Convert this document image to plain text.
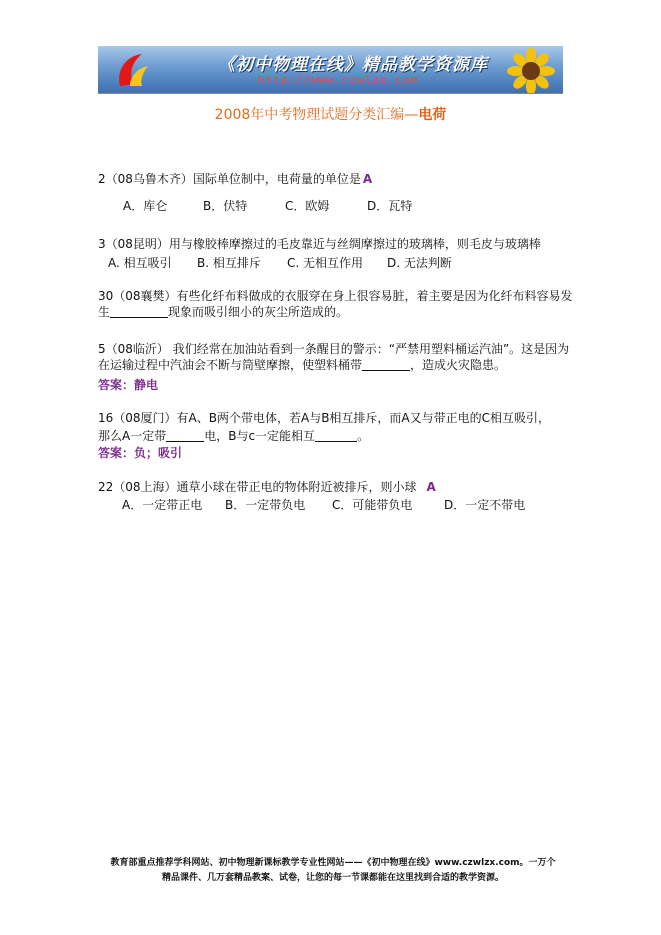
《初中物理在线》精品教学资源库
http://www.czwlzx.com
2008年中考物理试题分类汇编—电荷
2（08乌鲁木齐）国际单位制中，电荷量的单位是 A
A．库仑	B．伏特	C．欧姆	D．瓦特
3（08昆明）用与橡胶棒摩擦过的毛皮靠近与丝绸摩擦过的玻璃棒，则毛皮与玻璃棒
A. 相互吸引 B. 相互排斥 C. 无相互作用 D. 无法判断
30（08襄樊）有些化纤布料做成的衣服穿在身上很容易脏，着主要是因为化纤布料容易发
生	现象而吸引细小的灰尘所造成的。
5（08临沂） 我们经常在加油站看到一条醒目的警示：“严禁用塑料桶运汽油”。这是因为
在运输过程中汽油会不断与筒壁摩擦，使塑料桶带	，造成火灾隐患。
答案：静电
16（08厦门）有A、B两个带电体，若A与B相互排斥，而A又与带正电的C相互吸引，
那么A一定带	电，B与c一定能相互	。
答案：负；吸引
22（08上海）通草小球在带正电的物体附近被排斥，则小球 A
A．一定带正电 B．一定带负电 C．可能带负电	D．一定不带电
教育部重点推荐学科网站、初中物理新课标教学专业性网站——《初中物理在线》www.czwlzx.com。一万个
精品课件、几万套精品教案、试卷，让您的每一节课都能在这里找到合适的教学资源。
